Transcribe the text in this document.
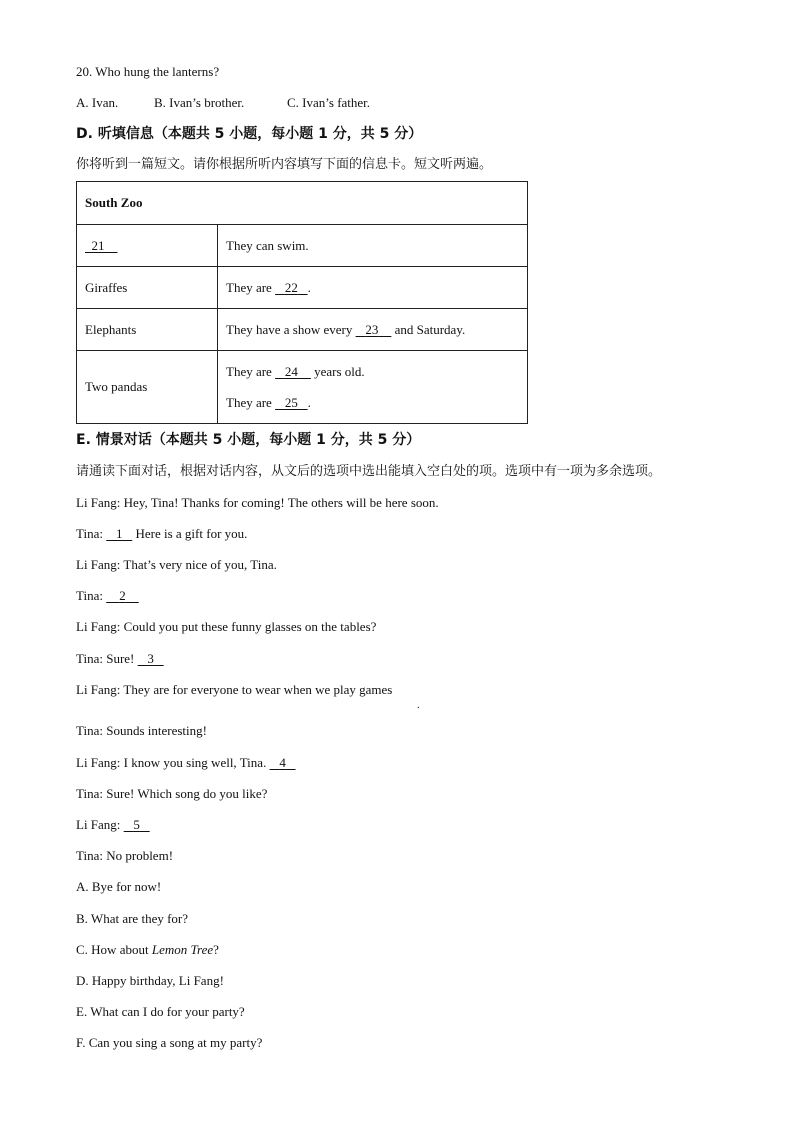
20. Who hung the lanterns?
A. Ivan.	B. Ivan’s brother.	C. Ivan’s father.
D. 听填信息（本题共 5 小题，每小题 1 分，共 5 分）
你将听到一篇短文。请你根据所听内容填写下面的信息卡。短文听两遍。
South Zoo	
21	They can swim.
Giraffes	They are    22 .
Elephants	They have a show every    23     and Saturday.
Two pandas	They are    24     years old.
They are    25 .
E. 情景对话（本题共 5 小题，每小题 1 分，共 5 分）
请通读下面对话，根据对话内容，从文后的选项中选出能填入空白处的项。选项中有一项为多余选项。
Li Fang: Hey, Tina! Thanks for coming! The others will be here soon.
Tina:    1    Here is a gift for you.
Li Fang: That’s very nice of you, Tina.
Tina:     2
Li Fang: Could you put these funny glasses on the tables?
Tina: Sure!    3
Li Fang: They are for everyone to wear when we play games
.
Tina: Sounds interesting!
Li Fang: I know you sing well, Tina.    4
Tina: Sure! Which song do you like?
Li Fang:    5
Tina: No problem!
A. Bye for now!
B. What are they for?
C. How about Lemon Tree?
D. Happy birthday, Li Fang!
E. What can I do for your party?
F. Can you sing a song at my party?
